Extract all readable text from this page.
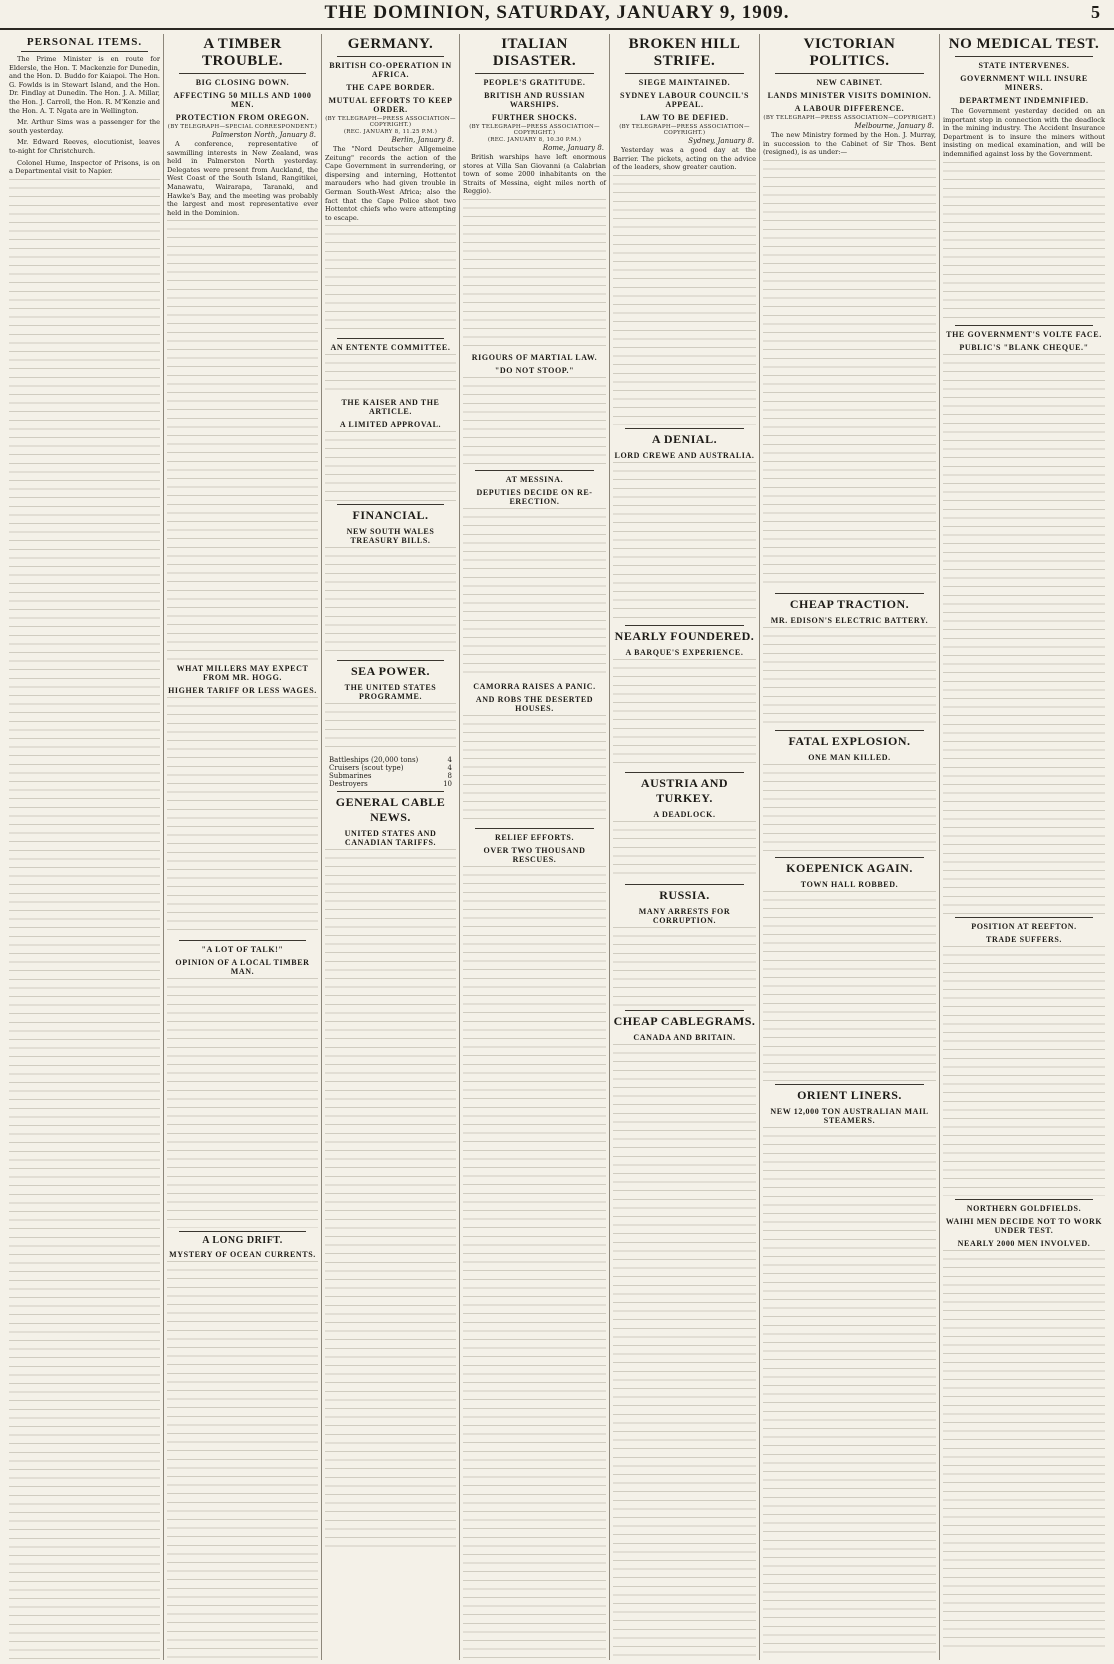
THE DOMINION, SATURDAY, JANUARY 9, 1909.	5
PERSONAL ITEMS.

The Prime Minister is en route for Eldersle, the Hon. T. Mackenzie for Dunedin, and the Hon. D. Buddo for Kaiapoi. The Hon. G. Fowlds is in Stewart Island, and the Hon. Dr. Findlay at Dunedin. The Hon. J. A. Millar, the Hon. J. Carroll, the Hon. R. M'Kenzie and the Hon. A. T. Ngata are in Wellington.

Mr. Arthur Sims was a passenger for the south yesterday.

Mr. Edward Reeves, elocutionist, leaves to-night for Christchurch.

Colonel Hume, Inspector of Prisons, is on a Departmental visit to Napier.

A TIMBER TROUBLE.
BIG CLOSING DOWN.
AFFECTING 50 MILLS AND 1000 MEN.
PROTECTION FROM OREGON.
(BY TELEGRAPH—SPECIAL CORRESPONDENT.)
Palmerston North, January 8.

A conference, representative of sawmilling interests in New Zealand, was held in Palmerston North yesterday. Delegates were present from Auckland, the West Coast of the South Island, Rangitikei, Manawatu, Wairarapa, Taranaki, and Hawke's Bay, and the meeting was probably the largest and most representative ever held in the Dominion.

WHAT MILLERS MAY EXPECT FROM MR. HOGG.
HIGHER TARIFF OR LESS WAGES.
"A LOT OF TALK!"
OPINION OF A LOCAL TIMBER MAN.
A LONG DRIFT.
MYSTERY OF OCEAN CURRENTS.
GERMANY.
BRITISH CO-OPERATION IN AFRICA.
THE CAPE BORDER.
MUTUAL EFFORTS TO KEEP ORDER.
(BY TELEGRAPH—PRESS ASSOCIATION—COPYRIGHT.)
(REC. JANUARY 8, 11.25 P.M.)
Berlin, January 8.

The "Nord Deutscher Allgemeine Zeitung" records the action of the Cape Government in surrendering, or dispersing and interning, Hottentot marauders who had given trouble in German South-West Africa; also the fact that the Cape Police shot two Hottentot chiefs who were attempting to escape.

AN ENTENTE COMMITTEE.
THE KAISER AND THE ARTICLE.
A LIMITED APPROVAL.
FINANCIAL.
NEW SOUTH WALES TREASURY BILLS.
SEA POWER.
THE UNITED STATES PROGRAMME.
Battleships (20,000 tons)	4
Cruisers (scout type)	4
Submarines	8
Destroyers	10
GENERAL CABLE NEWS.
UNITED STATES AND CANADIAN TARIFFS.
ITALIAN DISASTER.
PEOPLE'S GRATITUDE.
BRITISH AND RUSSIAN WARSHIPS.
FURTHER SHOCKS.
(BY TELEGRAPH—PRESS ASSOCIATION—COPYRIGHT.)
(REC. JANUARY 8, 10.30 P.M.)
Rome, January 8.

British warships have left enormous stores at Villa San Giovanni (a Calabrian town of some 2000 inhabitants on the Straits of Messina, eight miles north of Reggio).

RIGOURS OF MARTIAL LAW.
"DO NOT STOOP."
AT MESSINA.
DEPUTIES DECIDE ON RE-ERECTION.
CAMORRA RAISES A PANIC.
AND ROBS THE DESERTED HOUSES.
RELIEF EFFORTS.
OVER TWO THOUSAND RESCUES.
BROKEN HILL STRIFE.
SIEGE MAINTAINED.
SYDNEY LABOUR COUNCIL'S APPEAL.
LAW TO BE DEFIED.
(BY TELEGRAPH—PRESS ASSOCIATION—COPYRIGHT.)
Sydney, January 8.

Yesterday was a good day at the Barrier. The pickets, acting on the advice of the leaders, show greater caution.

A DENIAL.
LORD CREWE AND AUSTRALIA.
NEARLY FOUNDERED.
A BARQUE'S EXPERIENCE.
AUSTRIA AND TURKEY.
A DEADLOCK.
RUSSIA.
MANY ARRESTS FOR CORRUPTION.
CHEAP CABLEGRAMS.
CANADA AND BRITAIN.
VICTORIAN POLITICS.
NEW CABINET.
LANDS MINISTER VISITS DOMINION.
A LABOUR DIFFERENCE.
(BY TELEGRAPH—PRESS ASSOCIATION—COPYRIGHT.)
Melbourne, January 8.

The new Ministry formed by the Hon. J. Murray, in succession to the Cabinet of Sir Thos. Bent (resigned), is as under:—

CHEAP TRACTION.
MR. EDISON'S ELECTRIC BATTERY.
FATAL EXPLOSION.
ONE MAN KILLED.
KOEPENICK AGAIN.
TOWN HALL ROBBED.
ORIENT LINERS.
NEW 12,000 TON AUSTRALIAN MAIL STEAMERS.
NO MEDICAL TEST.
STATE INTERVENES.
GOVERNMENT WILL INSURE MINERS.
DEPARTMENT INDEMNIFIED.

The Government yesterday decided on an important step in connection with the deadlock in the mining industry. The Accident Insurance Department is to insure the miners without insisting on medical examination, and will be indemnified against loss by the Government.

THE GOVERNMENT'S VOLTE FACE.
PUBLIC'S "BLANK CHEQUE."
POSITION AT REEFTON.
TRADE SUFFERS.
NORTHERN GOLDFIELDS.
WAIHI MEN DECIDE NOT TO WORK UNDER TEST.
NEARLY 2000 MEN INVOLVED.
